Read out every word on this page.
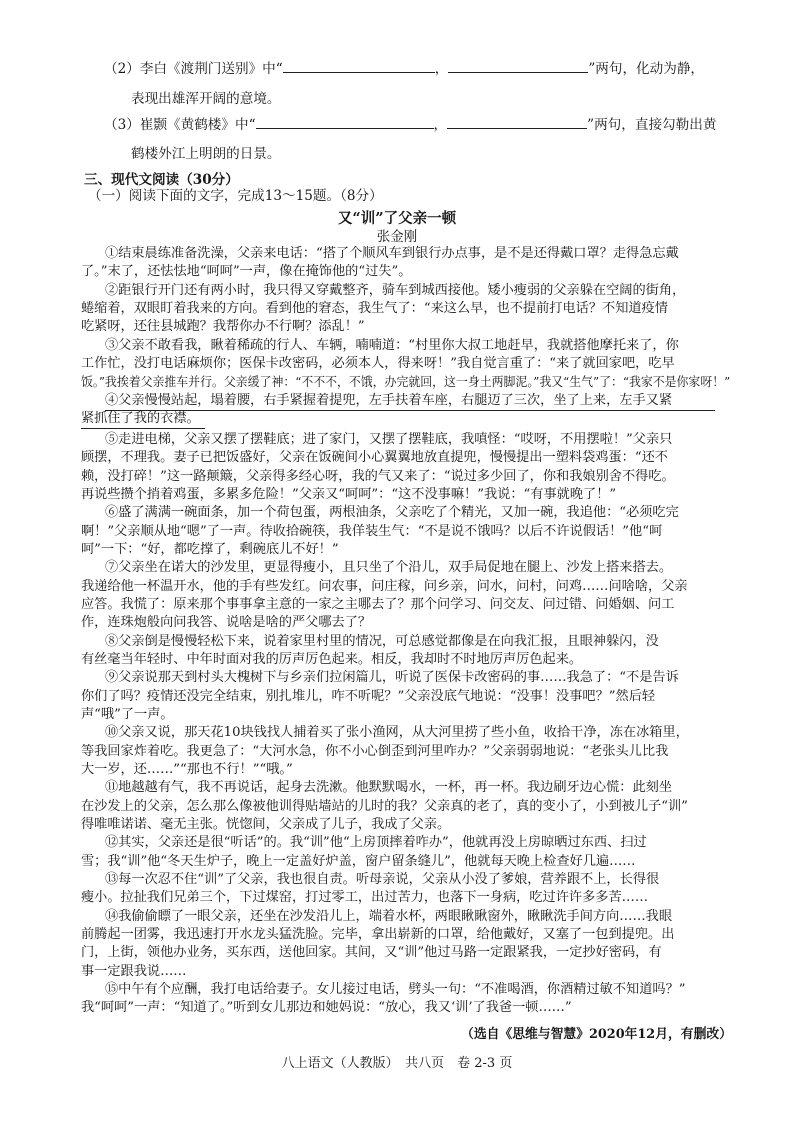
（2）李白《渡荆门送别》中“	，	”两句，化动为静，
表现出雄浑开阔的意境。
（3）崔颢《黄鹤楼》中“	，	”两句，直接勾勒出黄
鹤楼外江上明朗的日景。
三、现代文阅读（30分）
（一）阅读下面的文字，完成13～15题。（8分）
又“训”了父亲一顿
张金刚
①结束晨练准备洗澡，父亲来电话：“搭了个顺风车到银行办点事，是不是还得戴口罩？走得急忘戴
了。”末了，还怯怯地“呵呵”一声，像在掩饰他的“过失”。
②距银行开门还有两小时，我只得又穿戴整齐，骑车到城西接他。矮小瘦弱的父亲躲在空阔的街角，
蜷缩着，双眼盯着我来的方向。看到他的窘态，我生气了：“来这么早，也不提前打电话？不知道疫情
吃紧呀，还往县城跑？我帮你办不行啊？添乱！”
③父亲不敢看我，瞅着稀疏的行人、车辆，喃喃道：“村里你大叔工地赶早，我就搭他摩托来了，你
工作忙，没打电话麻烦你；医保卡改密码，必须本人，得来呀！”我自觉言重了：“来了就回家吧，吃早
饭。”我挨着父亲推车并行。父亲缓了神：“不不不，不饿，办完就回，这一身土两脚泥。”我又“生气”了：“我家不是你家呀！”
④父亲慢慢站起，塌着腰，右手紧握着提兜，左手扶着车座，右腿迈了三次，坐了上来，左手又紧
紧抓住了我的衣襟。
⑤走进电梯，父亲又摆了摆鞋底；进了家门，又摆了摆鞋底，我嗔怪：“哎呀，不用摆啦！”父亲只
顾摆，不理我。妻子已把饭盛好，父亲在饭碗间小心翼翼地放直提兜，慢慢提出一塑料袋鸡蛋：“还不
赖，没打碎！”这一路颠簸，父亲得多经心呀，我的气又来了：“说过多少回了，你和我娘别舍不得吃。
再说些攒个捎着鸡蛋，多累多危险！”父亲又“呵呵”：“这不没事嘛！”我说：“有事就晚了！”
⑥盛了满满一碗面条，加一个荷包蛋，两根油条，父亲吃了个精光，又加一碗，我追他：“必须吃完
啊！”父亲顺从地“嗯”了一声。待收拾碗筷，我佯装生气：“不是说不饿吗？以后不许说假话！”他“呵
呵”一下：“好，都吃撑了，剩碗底儿不好！”
⑦父亲坐在诺大的沙发里，更显得瘦小，且只坐了个沿儿，双手局促地在腿上、沙发上搭来搭去。
我递给他一杯温开水，他的手有些发红。问农事，问庄稼，问乡亲，问水，问村，问鸡……问啥啥，父亲
应答。我慌了：原来那个事事拿主意的一家之主哪去了？那个问学习、问交友、问过错、问婚姻、问工
作，连珠炮般向问我答、说啥是啥的严父哪去了？
⑧父亲倒是慢慢轻松下来，说着家里村里的情况，可总感觉都像是在向我汇报，且眼神躲闪，没
有丝毫当年轻时、中年时面对我的厉声厉色起来。相反，我却时不时地厉声厉色起来。
⑨父亲说那天到村头大槐树下与乡亲们拉闲篇儿，听说了医保卡改密码的事……我急了：“不是告诉
你们了吗？疫情还没完全结束，别扎堆儿，咋不听呢？”父亲没底气地说：“没事！没事吧？”然后轻
声“哦”了一声。
⑩父亲又说，那天花10块钱找人捕着买了张小渔网，从大河里捞了些小鱼，收拾干净，冻在冰箱里，
等我回家炸着吃。我更急了：“大河水急，你不小心倒歪到河里咋办？”父亲弱弱地说：“老张头儿比我
大一岁，还……”“那也不行！”“哦。”
⑪地越越有气，我不再说话，起身去洗漱。他默默喝水，一杯，再一杯。我边刷牙边心慌：此刻坐
在沙发上的父亲，怎么那么像被他训得贴墙站的儿时的我？父亲真的老了，真的变小了，小到被儿子“训”
得唯唯诺诺、毫无主张。恍惚间，父亲成了儿子，我成了父亲。
⑫其实，父亲还是很“听话”的。我“训”他“上房顶摔着咋办”，他就再没上房晾晒过东西、扫过
雪；我“训”他“冬天生炉子，晚上一定盖好炉盖，窗户留条缝儿”，他就每天晚上检查好几遍……
⑬每一次忍不住“训”了父亲，我也很自责。听母亲说，父亲从小没了爹娘，营养跟不上，长得很
瘦小。拉扯我们兄弟三个，下过煤窑，打过零工，出过苦力，也落下一身病，吃过许许多多苦……
⑭我偷偷瞟了一眼父亲，还坐在沙发沿儿上，端着水杯，两眼瞅瞅窗外，瞅瞅洗手间方向……我眼
前腾起一团雾，我迅速打开水龙头猛洗脸。完毕，拿出崭新的口罩，给他戴好，又塞了一包到提兜。出
门，上街，领他办业务，买东西，送他回家。其间，又“训”他过马路一定跟紧我，一定抄好密码，有
事一定跟我说……
⑮中午有个应酬，我打电话给妻子。女儿接过电话，劈头一句：“不准喝酒，你酒精过敏不知道吗？”
我“呵呵”一声：“知道了。”听到女儿那边和她妈说：“放心，我又‘训’了我爸一顿……”
（选自《思维与智慧》2020年12月，有删改）
八上语文（人教版）　共八页　卷 2-3 页
